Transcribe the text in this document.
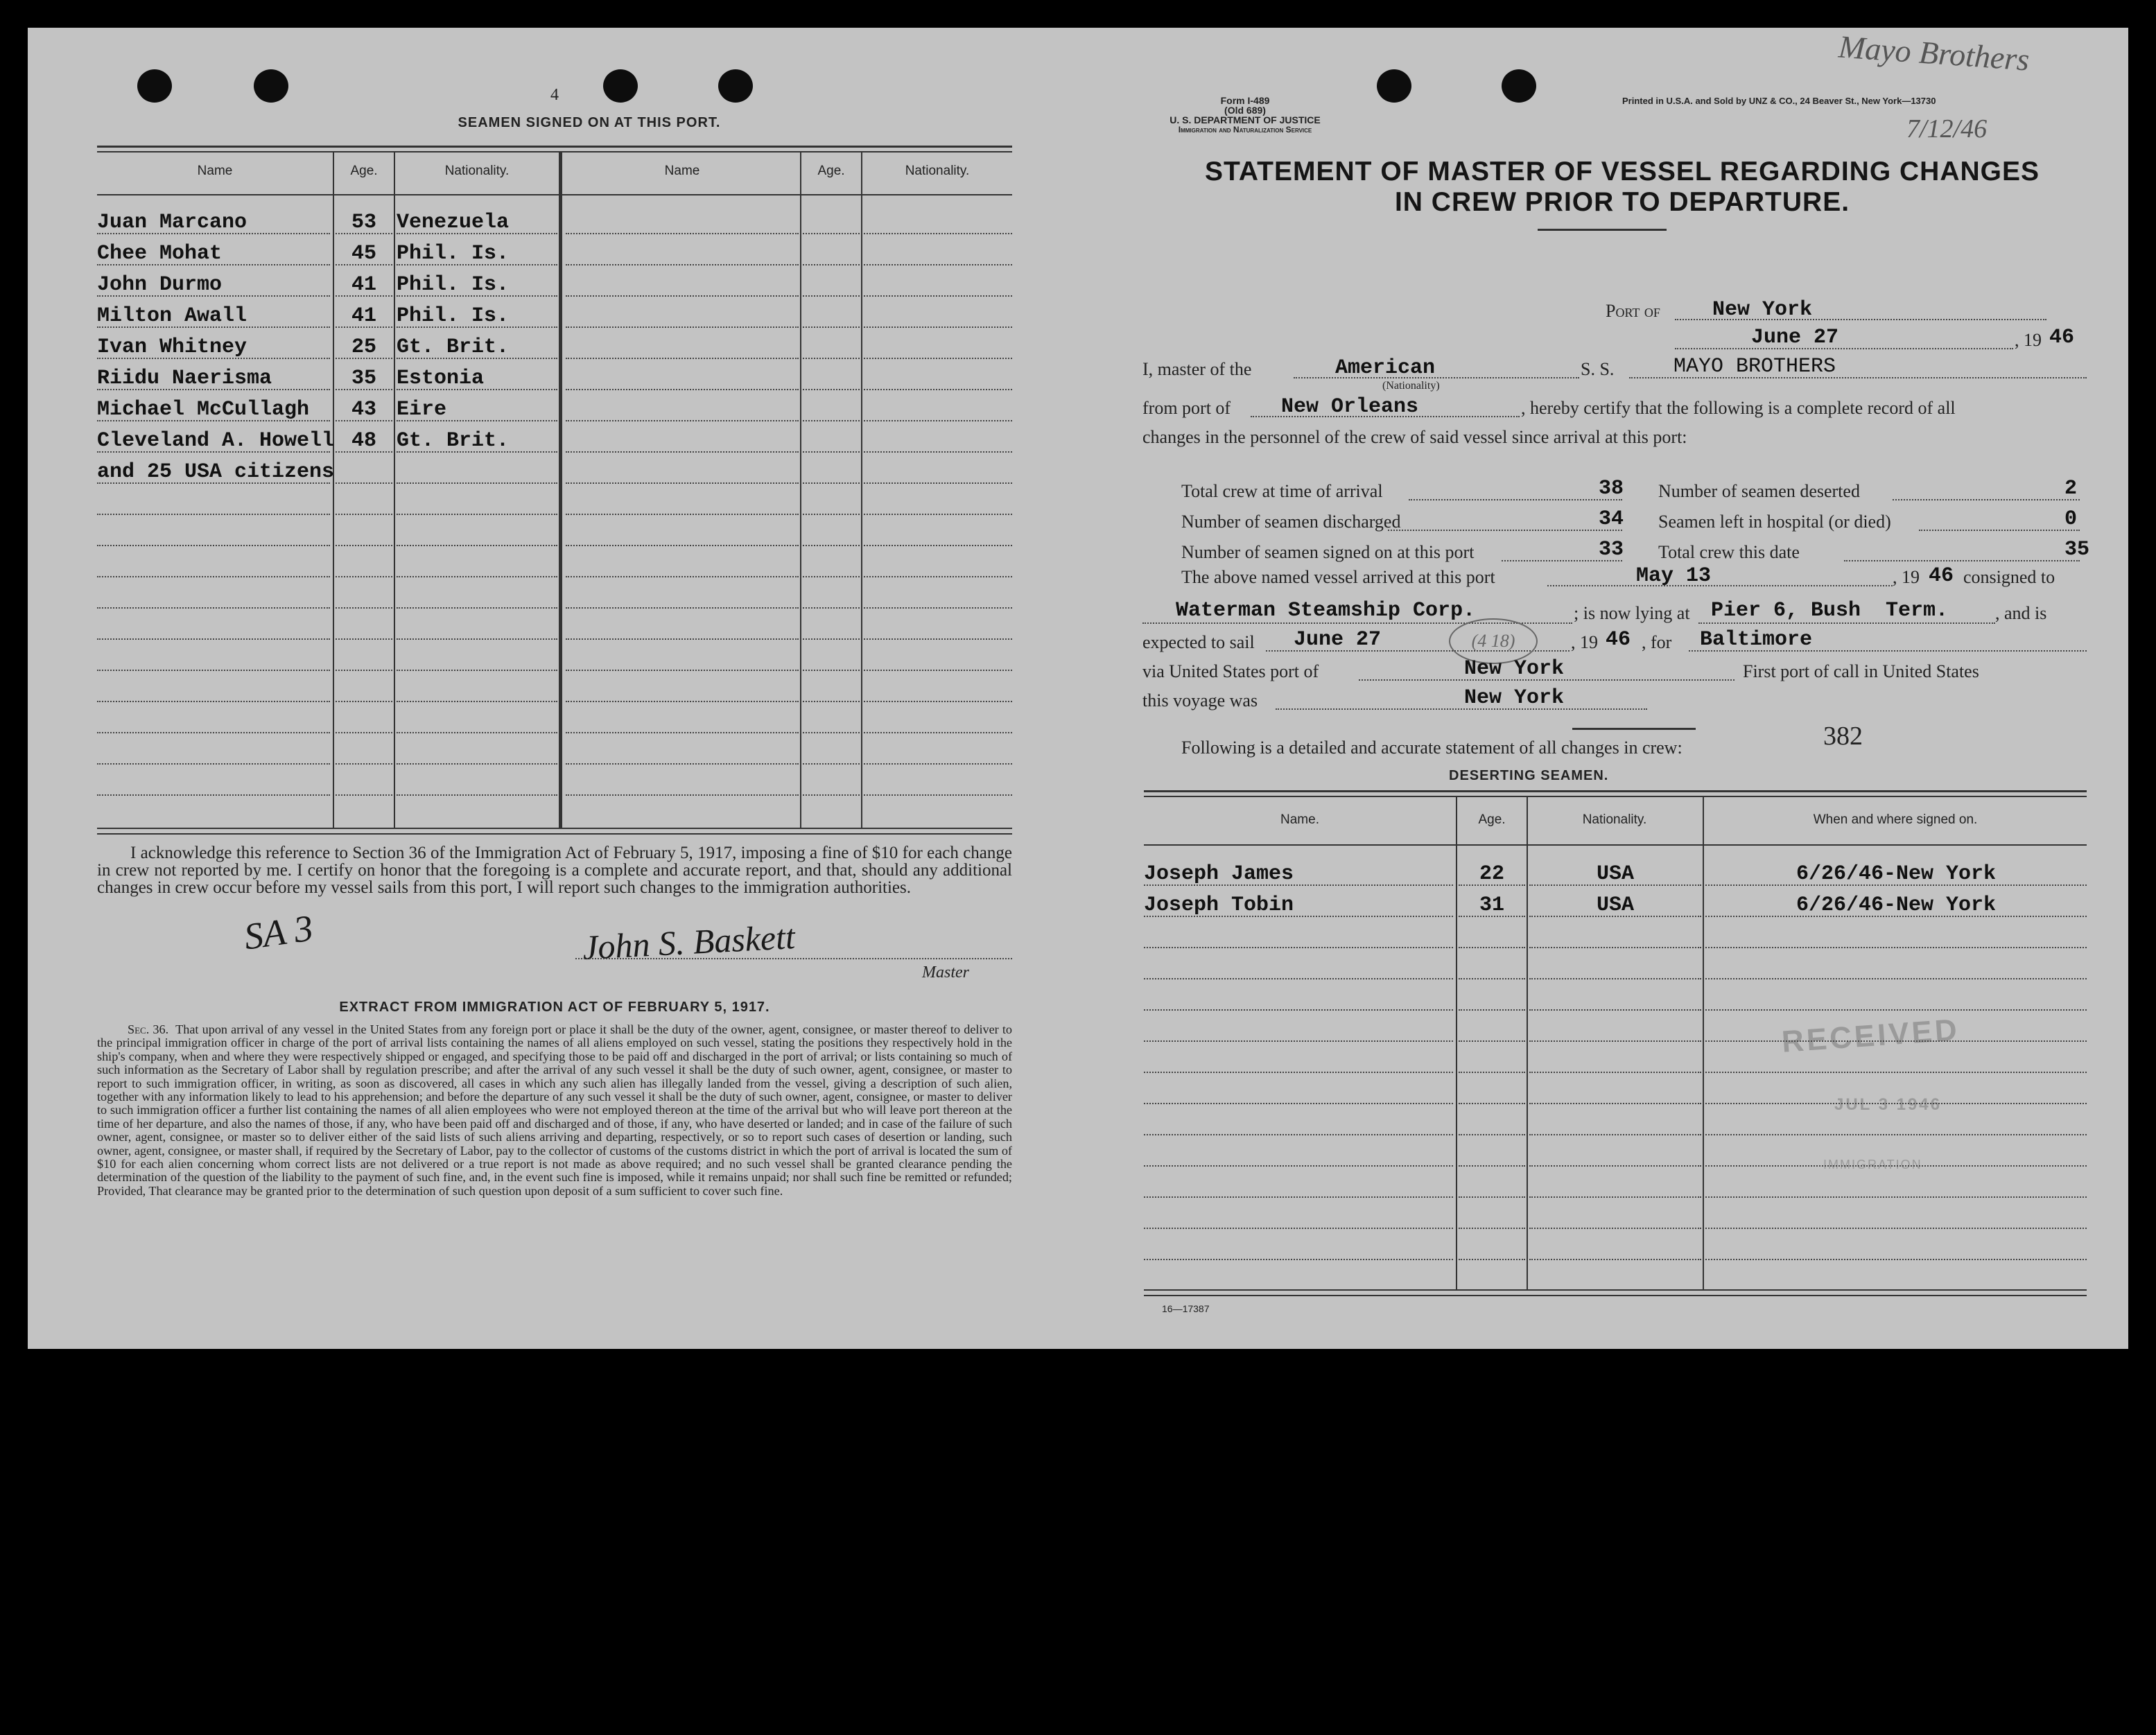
4
SEAMEN SIGNED ON AT THIS PORT.
Name	Age.	Nationality.	Name	Age.	Nationality.
I acknowledge this reference to Section 36 of the Immigration Act of February 5, 1917, imposing a fine of $10 for each change in crew not reported by me. I certify on honor that the foregoing is a complete and accurate report, and that, should any additional changes in crew occur before my vessel sails from this port, I will report such changes to the immigration authorities.
SA 3	John S. Baskett
Master
EXTRACT FROM IMMIGRATION ACT OF FEBRUARY 5, 1917.
Sec. 36. That upon arrival of any vessel in the United States from any foreign port or place it shall be the duty of the owner, agent, consignee, or master thereof to deliver to the principal immigration officer in charge of the port of arrival lists containing the names of all aliens employed on such vessel, stating the positions they respectively hold in the ship's company, when and where they were respectively shipped or engaged, and specifying those to be paid off and discharged in the port of arrival; or lists containing so much of such information as the Secretary of Labor shall by regulation prescribe; and after the arrival of any such vessel it shall be the duty of such owner, agent, consignee, or master to report to such immigration officer, in writing, as soon as discovered, all cases in which any such alien has illegally landed from the vessel, giving a description of such alien, together with any information likely to lead to his apprehension; and before the departure of any such vessel it shall be the duty of such owner, agent, consignee, or master to deliver to such immigration officer a further list containing the names of all alien employees who were not employed thereon at the time of the arrival but who will leave port thereon at the time of her departure, and also the names of those, if any, who have been paid off and discharged and of those, if any, who have deserted or landed; and in case of the failure of such owner, agent, consignee, or master so to deliver either of the said lists of such aliens arriving and departing, respectively, or so to report such cases of desertion or landing, such owner, agent, consignee, or master shall, if required by the Secretary of Labor, pay to the collector of customs of the customs district in which the port of arrival is located the sum of $10 for each alien concerning whom correct lists are not delivered or a true report is not made as above required; and no such vessel shall be granted clearance pending the determination of the question of the liability to the payment of such fine, and, in the event such fine is imposed, while it remains unpaid; nor shall such fine be remitted or refunded; Provided, That clearance may be granted prior to the determination of such question upon deposit of a sum sufficient to cover such fine.
Mayo Brothers
7/12/46
Form I-489
(Old 689)
U. S. DEPARTMENT OF JUSTICE
Immigration and Naturalization Service
Printed in U.S.A. and Sold by UNZ & CO., 24 Beaver St., New York—13730
STATEMENT OF MASTER OF VESSEL REGARDING CHANGES
IN CREW PRIOR TO DEPARTURE.
Port of	New York
June 27	, 19 46
I, master of the	American
(Nationality)
S. S.	MAYO BROTHERS
from port of New Orleans	, hereby certify that the following is a complete record of all
changes in the personnel of the crew of said vessel since arrival at this port:
The above named vessel arrived at this port	May 13	, 19 46 consigned to
Waterman Steamship Corp.	; is now lying at Pier 6, Bush  Term.	, and is
expected to sail June 27	(4 18)	, 19 46 , for Baltimore
via United States port of	New York	First port of call in United States
this voyage was	New York
382
Following is a detailed and accurate statement of all changes in crew:
DESERTING SEAMEN.
Name.	Age.	Nationality.	When and where signed on.
RECEIVED
JUL 3 1946
IMMIGRATION
16—17387
Juan Marcano	53 Venezuela
Chee Mohat	45 Phil. Is.
John Durmo	41 Phil. Is.
Milton Awall	41 Phil. Is.
Ivan Whitney	25 Gt. Brit.
Riidu Naerisma	35 Estonia
Michael McCullagh	43 Eire
Cleveland A. Howell 48 Gt. Brit.
and 25 USA citizens
Total crew at time of arrival	38
Number of seamen discharged	34
Number of seamen signed on at this port	33
Number of seamen deserted	2
Seamen left in hospital (or died)	0
Total crew this date	35
Joseph James	22	USA	6/26/46-New York
Joseph Tobin	31	USA	6/26/46-New York
